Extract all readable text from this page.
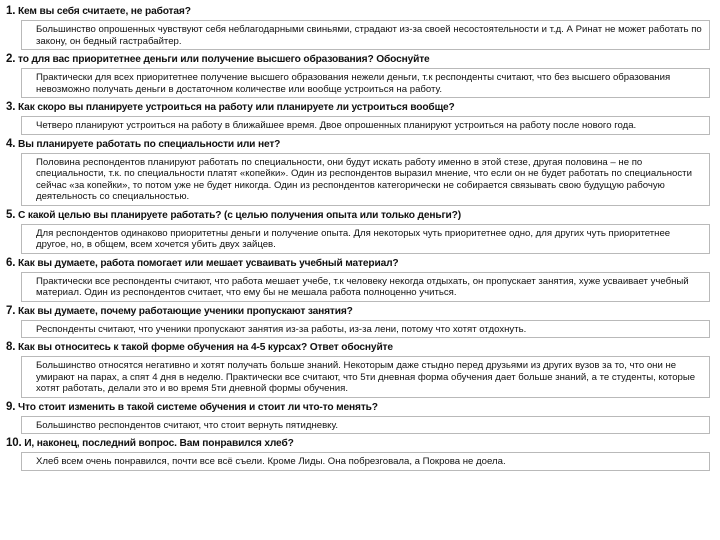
1. Кем вы себя считаете, не работая?
Большинство опрошенных чувствуют себя неблагодарными свиньями, страдают из-за своей несостоятельности и т.д. А Ринат не может работать по закону, он бедный гастрабайтер.
2. то для вас приоритетнее деньги или получение высшего образования? Обоснуйте
Практически для всех приоритетнее получение высшего образования нежели деньги, т.к респонденты считают, что без высшего образования невозможно получать деньги в достаточном количестве или вообще устроиться на работу.
3. Как скоро вы планируете устроиться на работу или планируете ли устроиться вообще?
Четверо планируют устроиться на работу в ближайшее время. Двое опрошенных планируют устроиться на работу после нового года.
4. Вы планируете работать по специальности или нет?
Половина респондентов планируют работать по специальности, они будут искать работу именно в этой стезе, другая половина – не по специальности, т.к. по специальности платят «копейки». Один из респондентов выразил мнение, что если он не будет работать по специальности сейчас «за копейки», то потом уже не будет никогда. Один из респондентов категорически не собирается связывать свою будущую рабочую деятельность со специальностью.
5. С какой целью вы планируете работать? (с целью получения опыта или только деньги?)
Для респондентов одинаково приоритетны деньги и получение опыта. Для некоторых чуть приоритетнее одно, для других чуть приоритетнее другое, но, в общем, всем хочется убить двух зайцев.
6. Как вы думаете, работа помогает или мешает усваивать учебный материал?
Практически все респонденты считают, что работа мешает учебе, т.к человеку некогда отдыхать, он пропускает занятия, хуже усваивает учебный материал. Один из респондентов считает, что ему бы не мешала работа полноценно учиться.
7. Как вы думаете, почему работающие ученики пропускают занятия?
Респонденты считают, что ученики пропускают занятия из-за работы, из-за лени, потому что хотят отдохнуть.
8. Как вы относитесь к такой форме обучения на 4-5 курсах? Ответ обоснуйте
Большинство относятся негативно и хотят получать больше знаний. Некоторым даже стыдно перед друзьями из других вузов за то, что они не умирают на парах, а спят 4 дня в неделю. Практически все считают, что 5ти дневная форма обучения дает больше знаний, а те студенты, которые хотят работать, делали это и во время 5ти дневной формы обучения.
9. Что стоит изменить в такой системе обучения и стоит ли что-то менять?
Большинство респондентов считают, что стоит вернуть пятидневку.
10. И, наконец, последний вопрос. Вам понравился хлеб?
Хлеб всем очень понравился, почти все всё съели. Кроме Лиды. Она побрезговала, а Покрова не доела.
